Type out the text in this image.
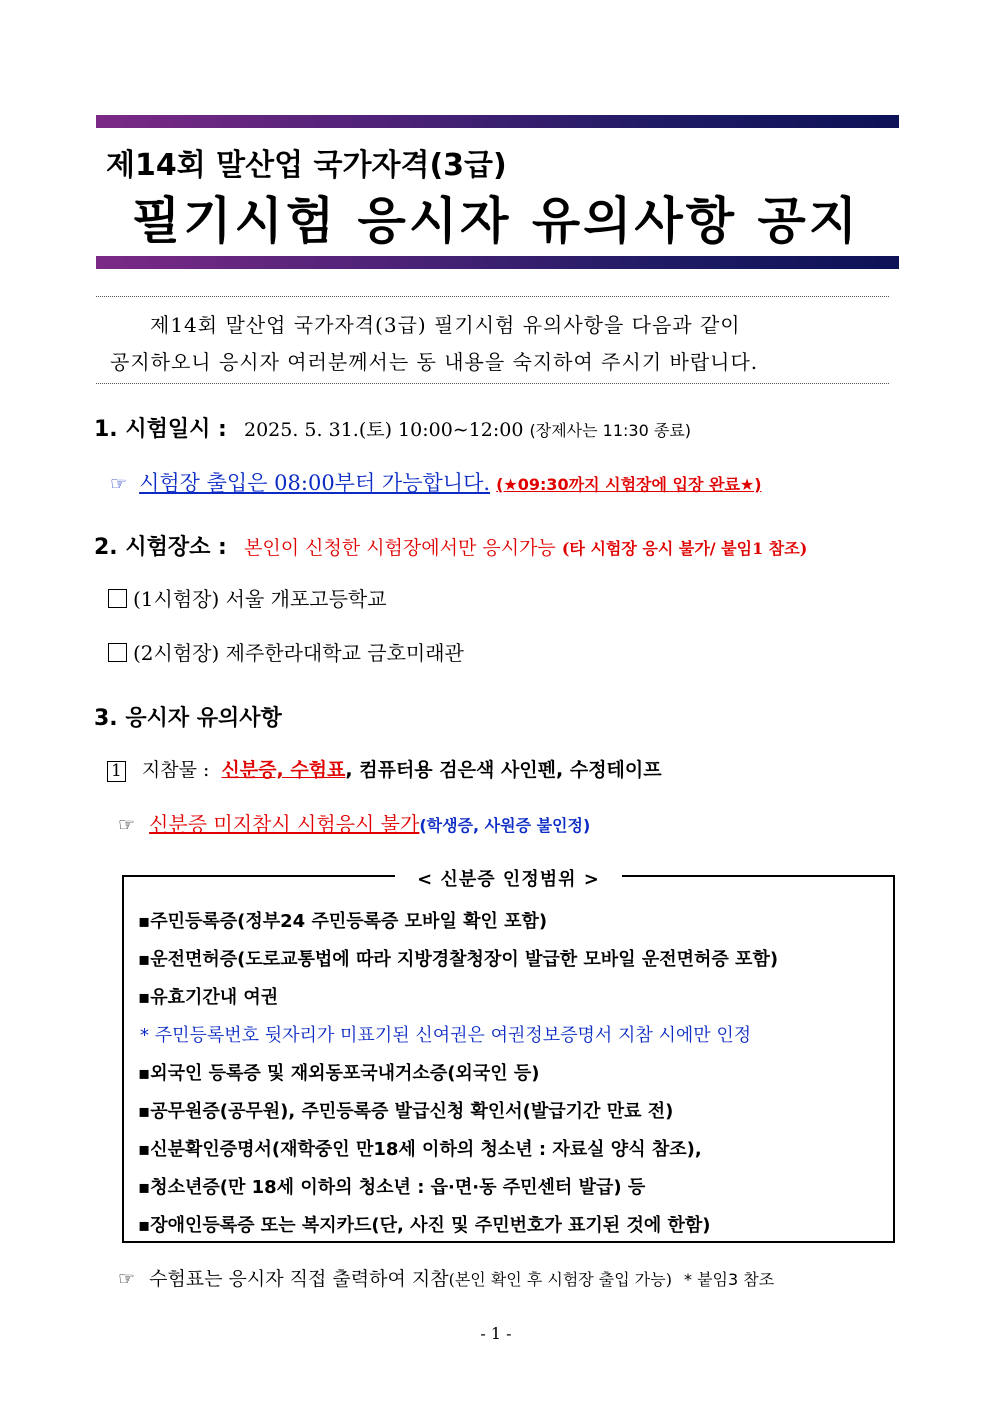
제14회 말산업 국가자격(3급)
필기시험 응시자 유의사항 공지

제14회 말산업 국가자격(3급) 필기시험 유의사항을 다음과 같이

공지하오니 응시자 여러분께서는 동 내용을 숙지하여 주시기 바랍니다.

1. 시험일시 : 2025. 5. 31.(토) 10:00∼12:00 (장제사는 11:30 종료)
☞ 시험장 출입은 08:00부터 가능합니다. (★09:30까지 시험장에 입장 완료★)
2. 시험장소 : 본인이 신청한 시험장에서만 응시가능 (타 시험장 응시 불가/ 붙임1 참조)
(1시험장) 서울 개포고등학교
(2시험장) 제주한라대학교 금호미래관
3. 응시자 유의사항
1 지참물 : 신분증, 수험표, 컴퓨터용 검은색 사인펜, 수정테이프
☞ 신분증 미지참시 시험응시 불가(학생증, 사원증 불인정)
< 신분증 인정범위 >
▪주민등록증(정부24 주민등록증 모바일 확인 포함)
▪운전면허증(도로교통법에 따라 지방경찰청장이 발급한 모바일 운전면허증 포함)
▪유효기간내 여권
* 주민등록번호 뒷자리가 미표기된 신여권은 여권정보증명서 지참 시에만 인정
▪외국인 등록증 및 재외동포국내거소증(외국인 등)
▪공무원증(공무원), 주민등록증 발급신청 확인서(발급기간 만료 전)
▪신분확인증명서(재학중인 만18세 이하의 청소년 : 자료실 양식 참조),
▪청소년증(만 18세 이하의 청소년 : 읍·면·동 주민센터 발급) 등
▪장애인등록증 또는 복지카드(단, 사진 및 주민번호가 표기된 것에 한함)
☞ 수험표는 응시자 직접 출력하여 지참(본인 확인 후 시험장 출입 가능) * 붙임3 참조
- 1 -
